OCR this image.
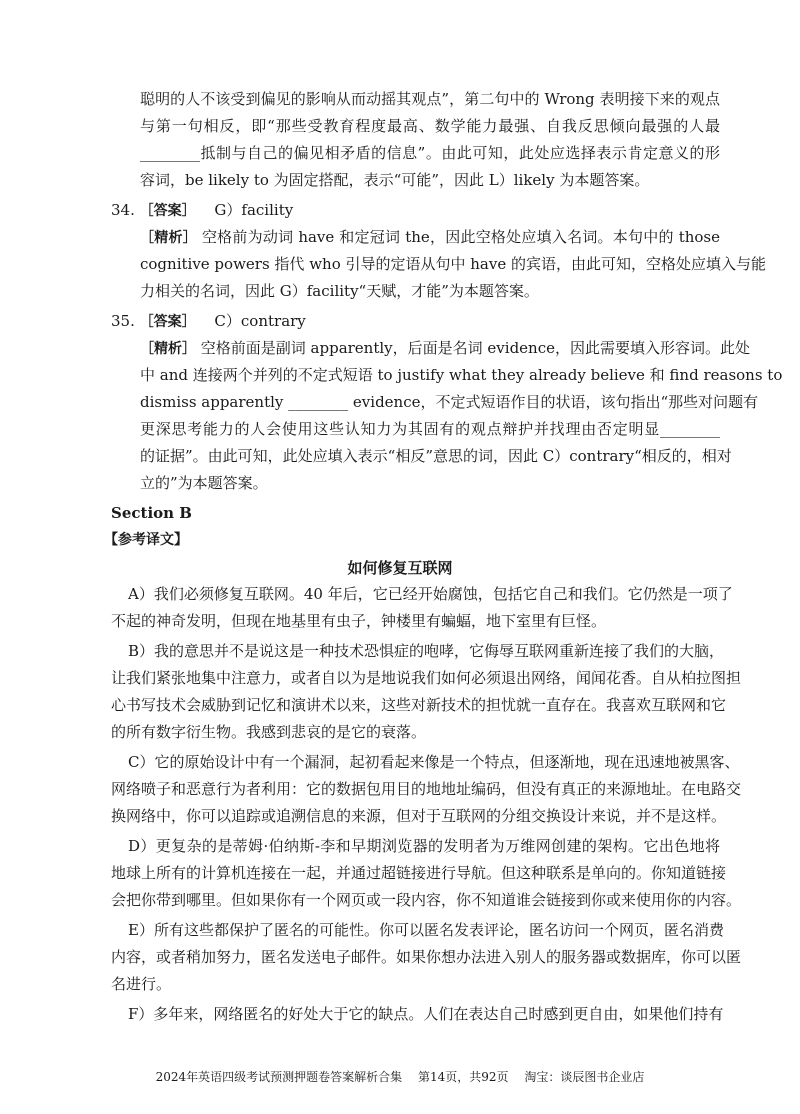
聪明的人不该受到偏见的影响从而动摇其观点”，第二句中的 Wrong 表明接下来的观点
与第一句相反，即“那些受教育程度最高、数学能力最强、自我反思倾向最强的人最
________抵制与自己的偏见相矛盾的信息”。由此可知，此处应选择表示肯定意义的形
容词，be likely to 为固定搭配，表示“可能”，因此 L）likely 为本题答案。
34. ［答案］ G）facility
［精析］ 空格前为动词 have 和定冠词 the，因此空格处应填入名词。本句中的 those
cognitive powers 指代 who 引导的定语从句中 have 的宾语，由此可知，空格处应填入与能
力相关的名词，因此 G）facility“天赋，才能”为本题答案。
35. ［答案］ C）contrary
［精析］ 空格前面是副词 apparently，后面是名词 evidence，因此需要填入形容词。此处
中 and 连接两个并列的不定式短语 to justify what they already believe 和 find reasons to
dismiss apparently ________ evidence，不定式短语作目的状语，该句指出“那些对问题有
更深思考能力的人会使用这些认知力为其固有的观点辩护并找理由否定明显________
的证据”。由此可知，此处应填入表示“相反”意思的词，因此 C）contrary“相反的，相对
立的”为本题答案。
Section B
【参考译文】
如何修复互联网
A）我们必须修复互联网。40 年后，它已经开始腐蚀，包括它自己和我们。它仍然是一项了
不起的神奇发明，但现在地基里有虫子，钟楼里有蝙蝠，地下室里有巨怪。
B）我的意思并不是说这是一种技术恐惧症的咆哮，它侮辱互联网重新连接了我们的大脑，
让我们紧张地集中注意力，或者自以为是地说我们如何必须退出网络，闻闻花香。自从柏拉图担
心书写技术会威胁到记忆和演讲术以来，这些对新技术的担忧就一直存在。我喜欢互联网和它
的所有数字衍生物。我感到悲哀的是它的衰落。
C）它的原始设计中有一个漏洞，起初看起来像是一个特点，但逐渐地，现在迅速地被黑客、
网络喷子和恶意行为者利用：它的数据包用目的地地址编码，但没有真正的来源地址。在电路交
换网络中，你可以追踪或追溯信息的来源，但对于互联网的分组交换设计来说，并不是这样。
D）更复杂的是蒂姆·伯纳斯-李和早期浏览器的发明者为万维网创建的架构。它出色地将
地球上所有的计算机连接在一起，并通过超链接进行导航。但这种联系是单向的。你知道链接
会把你带到哪里。但如果你有一个网页或一段内容，你不知道谁会链接到你或来使用你的内容。
E）所有这些都保护了匿名的可能性。你可以匿名发表评论，匿名访问一个网页，匿名消费
内容，或者稍加努力，匿名发送电子邮件。如果你想办法进入别人的服务器或数据库，你可以匿
名进行。
F）多年来，网络匿名的好处大于它的缺点。人们在表达自己时感到更自由，如果他们持有
2024年英语四级考试预测押题卷答案解析合集 第14页，共92页 淘宝：谈辰图书企业店
